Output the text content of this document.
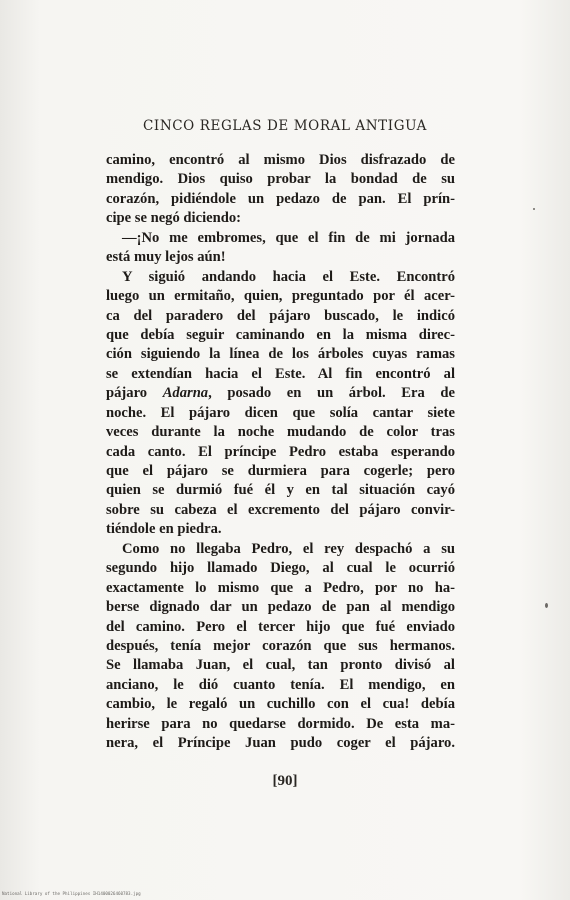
CINCO REGLAS DE MORAL ANTIGUA
camino, encontró al mismo Dios disfrazado de
mendigo. Dios quiso probar la bondad de su
corazón, pidiéndole un pedazo de pan. El prín-
cipe se negó diciendo:
—¡No me embromes, que el fin de mi jornada
está muy lejos aún!
Y siguió andando hacia el Este. Encontró
luego un ermitaño, quien, preguntado por él acer-
ca del paradero del pájaro buscado, le indicó
que debía seguir caminando en la misma direc-
ción siguiendo la línea de los árboles cuyas ramas
se extendían hacia el Este. Al fin encontró al
pájaro Adarna, posado en un árbol. Era de
noche. El pájaro dicen que solía cantar siete
veces durante la noche mudando de color tras
cada canto. El príncipe Pedro estaba esperando
que el pájaro se durmiera para cogerle; pero
quien se durmió fué él y en tal situación cayó
sobre su cabeza el excremento del pájaro convir-
tiéndole en piedra.
Como no llegaba Pedro, el rey despachó a su
segundo hijo llamado Diego, al cual le ocurrió
exactamente lo mismo que a Pedro, por no ha-
berse dignado dar un pedazo de pan al mendigo
del camino. Pero el tercer hijo que fué enviado
después, tenía mejor corazón que sus hermanos.
Se llamaba Juan, el cual, tan pronto divisó al
anciano, le dió cuanto tenía. El mendigo, en
cambio, le regaló un cuchillo con el cua! debía
herirse para no quedarse dormido. De esta ma-
nera, el Príncipe Juan pudo coger el pájaro.
[90]
National Library of the Philippines IH1400026460783.jpg
